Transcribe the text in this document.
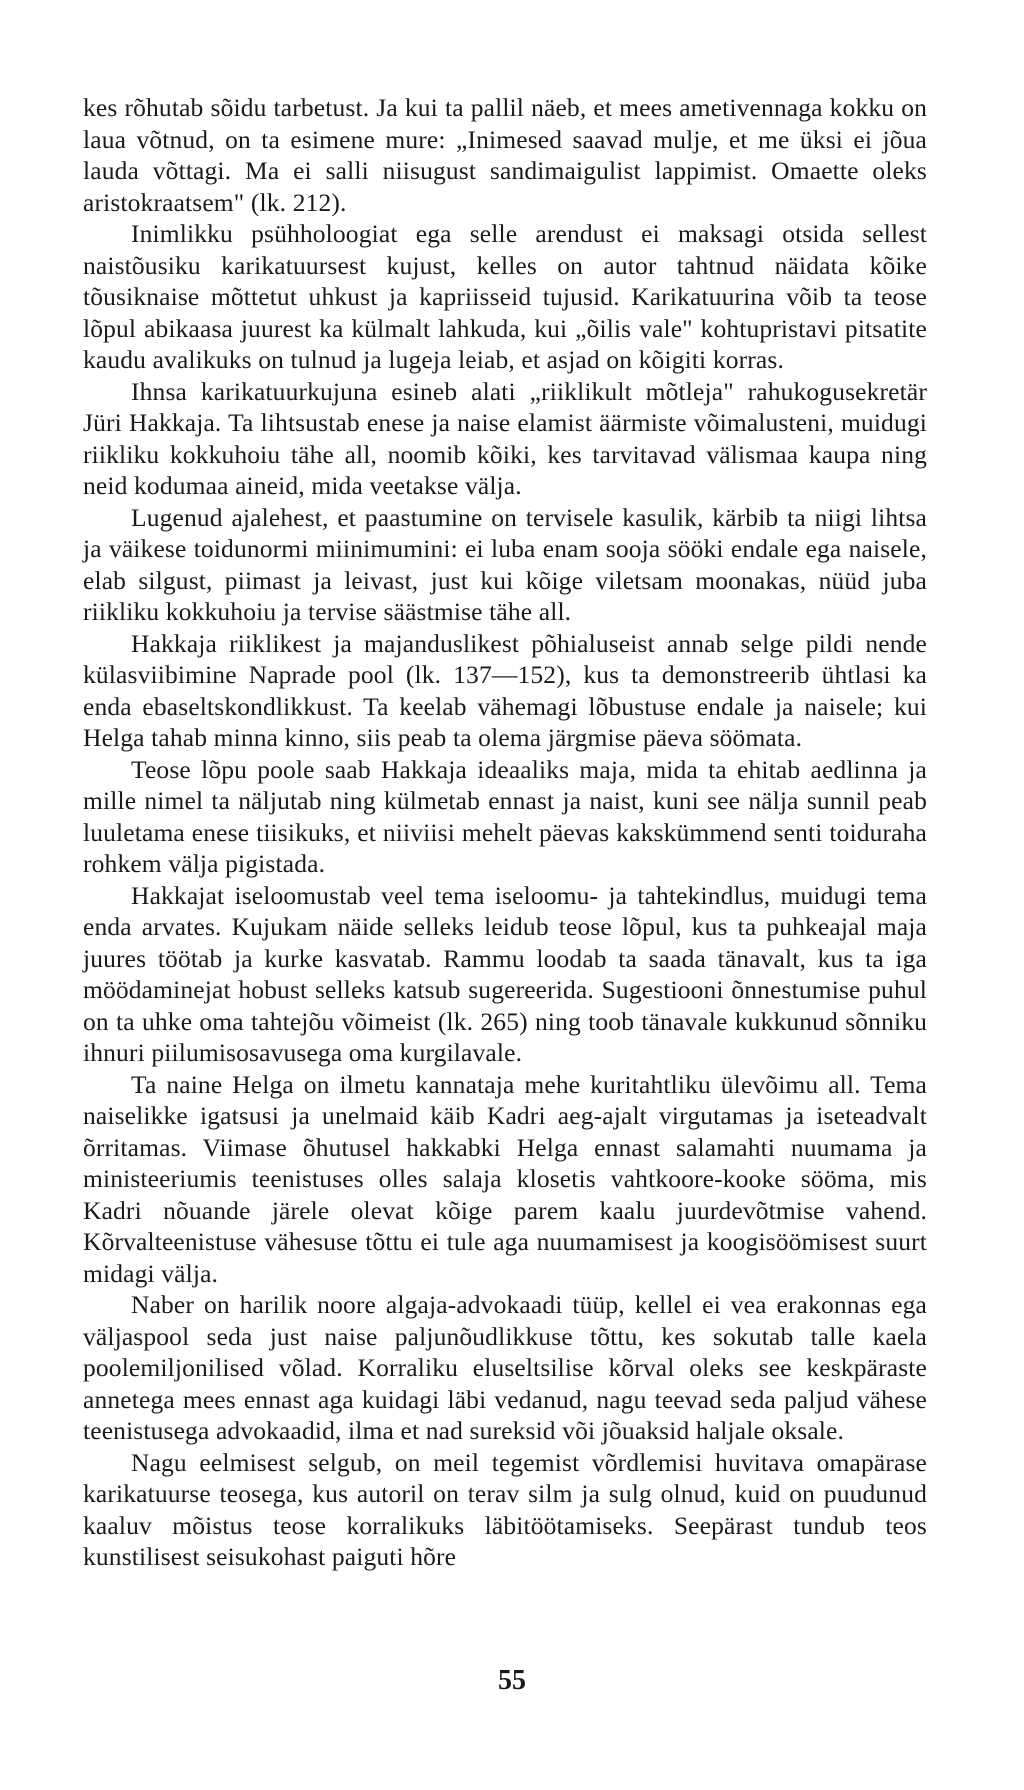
kes rõhutab sõidu tarbetust. Ja kui ta pallil näeb, et mees ametivennaga kokku on laua võtnud, on ta esimene mure: „Inimesed saavad mulje, et me üksi ei jõua lauda võttagi. Ma ei salli niisugust sandimaigulist lappimist. Omaette oleks aristokraatsem" (lk. 212).

Inimlikku psühholoogiat ega selle arendust ei maksagi otsida sellest naistõusiku karikatuursest kujust, kelles on autor tahtnud näidata kõike tõusiknaise mõttetut uhkust ja kapriisseid tujusid. Karikatuurina võib ta teose lõpul abikaasa juurest ka külmalt lahkuda, kui „õilis vale" kohtupristavi pitsatite kaudu avalikuks on tulnud ja lugeja leiab, et asjad on kõigiti korras.

Ihnsa karikatuurkujuna esineb alati „riiklikult mõtleja" rahukogusekretär Jüri Hakkaja. Ta lihtsustab enese ja naise elamist äärmiste võimalusteni, muidugi riikliku kokkuhoiu tähe all, noomib kõiki, kes tarvitavad välismaa kaupa ning neid kodumaa aineid, mida veetakse välja.

Lugenud ajalehest, et paastumine on tervisele kasulik, kärbib ta niigi lihtsa ja väikese toidunormi miinimumini: ei luba enam sooja sööki endale ega naisele, elab silgust, piimast ja leivast, just kui kõige viletsam moonakas, nüüd juba riikliku kokkuhoiu ja tervise säästmise tähe all.

Hakkaja riiklikest ja majanduslikest põhialuseist annab selge pildi nende külasviibimine Naprade pool (lk. 137—152), kus ta demonstreerib ühtlasi ka enda ebaseltskondlikkust. Ta keelab vähemagi lõbustuse endale ja naisele; kui Helga tahab minna kinno, siis peab ta olema järgmise päeva söömata.

Teose lõpu poole saab Hakkaja ideaaliks maja, mida ta ehitab aedlinna ja mille nimel ta näljutab ning külmetab ennast ja naist, kuni see nälja sunnil peab luuletama enese tiisikuks, et niiviisi mehelt päevas kakskümmend senti toiduraha rohkem välja pigistada.

Hakkajat iseloomustab veel tema iseloomu- ja tahtekindlus, muidugi tema enda arvates. Kujukam näide selleks leidub teose lõpul, kus ta puhkeajal maja juures töötab ja kurke kasvatab. Rammu loodab ta saada tänavalt, kus ta iga möödaminejat hobust selleks katsub sugereerida. Sugestiooni õnnestumise puhul on ta uhke oma tahtejõu võimeist (lk. 265) ning toob tänavale kukkunud sõnniku ihnuri piilumisosavusega oma kurgilavale.

Ta naine Helga on ilmetu kannataja mehe kuritahtliku ülevõimu all. Tema naiselikke igatsusi ja unelmaid käib Kadri aeg-ajalt virgutamas ja iseteadvalt õrritamas. Viimase õhutusel hakkabki Helga ennast salamahti nuumama ja ministeeriumis teenistuses olles salaja klosetis vahtkoore-kooke sööma, mis Kadri nõuande järele olevat kõige parem kaalu juurdevõtmise vahend. Kõrvalteenistuse vähesuse tõttu ei tule aga nuumamisest ja koogisöömisest suurt midagi välja.

Naber on harilik noore algaja-advokaadi tüüp, kellel ei vea erakonnas ega väljaspool seda just naise paljunõudlikkuse tõttu, kes sokutab talle kaela poolemiljonilised võlad. Korraliku eluseltsilise kõrval oleks see keskpäraste annetega mees ennast aga kuidagi läbi vedanud, nagu teevad seda paljud vähese teenistusega advokaadid, ilma et nad sureksid või jõuaksid haljale oksale.

Nagu eelmisest selgub, on meil tegemist võrdlemisi huvitava omapärase karikatuurse teosega, kus autoril on terav silm ja sulg olnud, kuid on puudunud kaaluv mõistus teose korralikuks läbitöötamiseks. Seepärast tundub teos kunstilisest seisukohast paiguti hõre

55
